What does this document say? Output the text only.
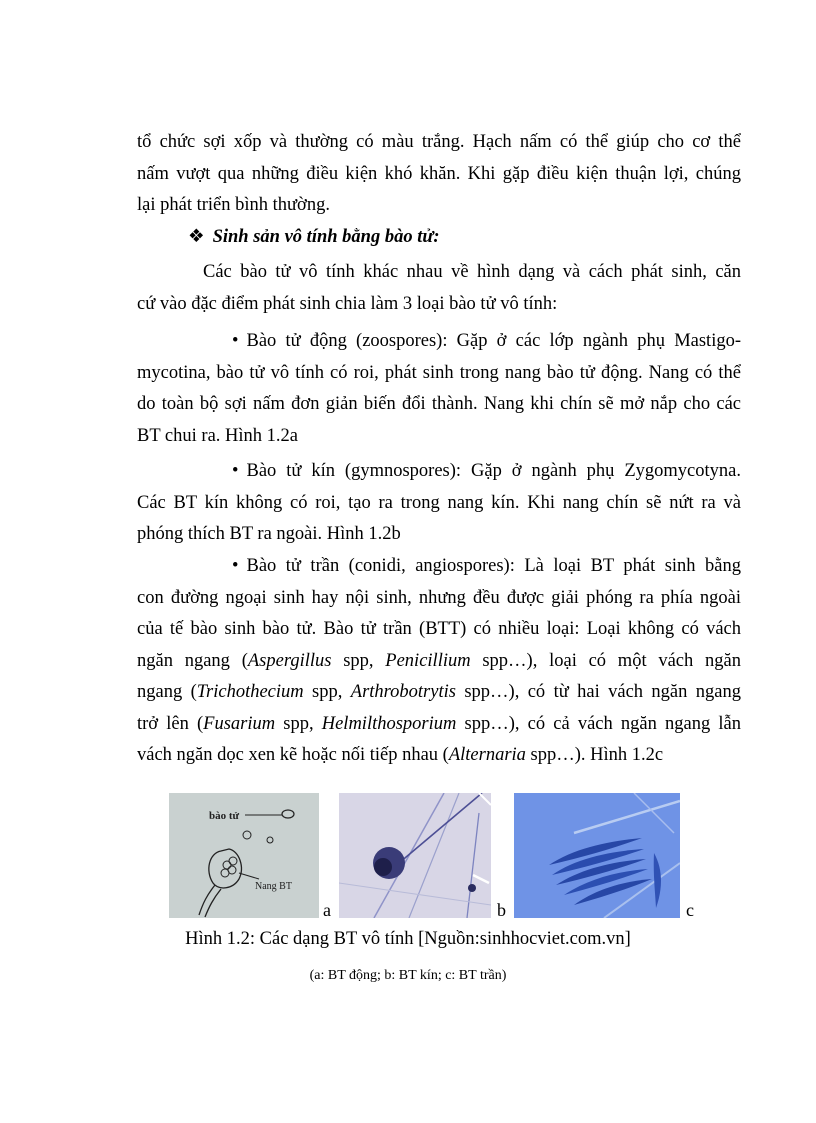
tổ chức sợi xốp và thường có màu trắng. Hạch nấm có thể giúp cho cơ thể
nấm vượt qua những điều kiện khó khăn. Khi gặp điều kiện thuận lợi, chúng
lại phát triển bình thường.
❖ Sinh sản vô tính bằng bào tử:
Các bào tử vô tính khác nhau về hình dạng và cách phát sinh, căn
cứ vào đặc điểm phát sinh chia làm 3 loại bào tử vô tính:
• Bào tử động (zoospores): Gặp ở các lớp ngành phụ Mastigo-
mycotina, bào tử vô tính có roi, phát sinh trong nang bào tử động. Nang có thể
do toàn bộ sợi nấm đơn giản biến đổi thành. Nang khi chín sẽ mở nắp cho các
BT chui ra. Hình 1.2a
• Bào tử kín (gymnospores): Gặp ở ngành phụ Zygomycotyna.
Các BT kín không có roi, tạo ra trong nang kín. Khi nang chín sẽ nứt ra và
phóng thích BT ra ngoài. Hình 1.2b
• Bào tử trần (conidi, angiospores): Là loại BT phát sinh bằng
con đường ngoại sinh hay nội sinh, nhưng đều được giải phóng ra phía ngoài
của tế bào sinh bào tử. Bào tử trần (BTT) có nhiều loại: Loại không có vách
ngăn ngang (Aspergillus spp, Penicillium spp…), loại có một vách ngăn
ngang (Trichothecium spp, Arthrobotrytis spp…), có từ hai vách ngăn ngang
trở lên (Fusarium spp, Helmilthosporium spp…), có cả vách ngăn ngang lẫn
vách ngăn dọc xen kẽ hoặc nối tiếp nhau (Alternaria spp…). Hình 1.2c
bào tử
Nang BT
a	b	c
Hình 1.2: Các dạng BT vô tính [Nguồn:sinhhocviet.com.vn]
(a: BT động; b: BT kín; c: BT trần)
